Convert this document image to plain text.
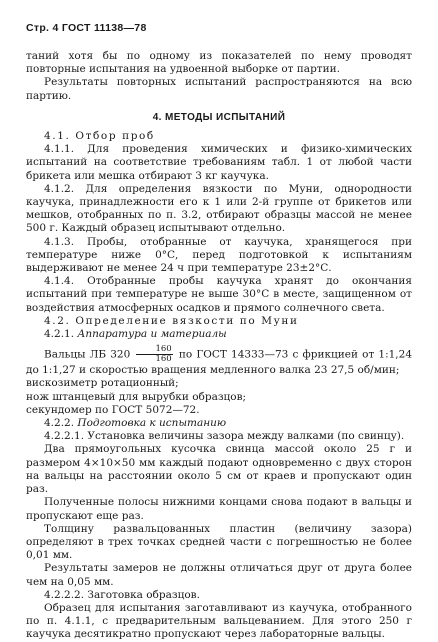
Стр. 4 ГОСТ 11138—78

таний хотя бы по одному из показателей по нему проводят повторные испытания на удвоенной выборке от партии.

Результаты повторных испытаний распространяются на всю партию.

4. МЕТОДЫ ИСПЫТАНИЙ

4.1. Отбор проб

4.1.1. Для проведения химических и физико-химических испытаний на соответствие требованиям табл. 1 от любой части брикета или мешка отбирают 3 кг каучука.

4.1.2. Для определения вязкости по Муни, однородности каучука, принадлежности его к 1 или 2-й группе от брикетов или мешков, отобранных по п. 3.2, отбирают образцы массой не менее 500 г. Каждый образец испытывают отдельно.

4.1.3. Пробы, отобранные от каучука, хранящегося при температуре ниже 0°С, перед подготовкой к испытаниям выдерживают не менее 24 ч при температуре 23±2°С.

4.1.4. Отобранные пробы каучука хранят до окончания испытаний при температуре не выше 30°С в месте, защищенном от воздействия атмосферных осадков и прямого солнечного света.

4.2. Определение вязкости по Муни

4.2.1. Аппаратура и материалы

Вальцы ЛБ $320 \frac{160}{160}$ по ГОСТ 14333—73 с фрикцией от 1:1,24 до 1:1,27 и скоростью вращения медленного валка 23 27,5 об/мин;

вискозиметр ротационный;

нож штанцевый для вырубки образцов;

секундомер по ГОСТ 5072—72.

4.2.2. Подготовка к испытанию

4.2.2.1. Установка величины зазора между валками (по свинцу).

Два прямоугольных кусочка свинца массой около 25 г и размером 4×10×50 мм каждый подают одновременно с двух сторон на вальцы на расстоянии около 5 см от краев и пропускают один раз.

Полученные полосы нижними концами снова подают в вальцы и пропускают еще раз.

Толщину развальцованных пластин (величину зазора) определяют в трех точках средней части с погрешностью не более 0,01 мм.

Результаты замеров не должны отличаться друг от друга более чем на 0,05 мм.

4.2.2.2. Заготовка образцов.

Образец для испытания заготавливают из каучука, отобранного по п. 4.1.1, с предварительным вальцеванием. Для этого 250 г каучука десятикратно пропускают через лабораторные вальцы.
